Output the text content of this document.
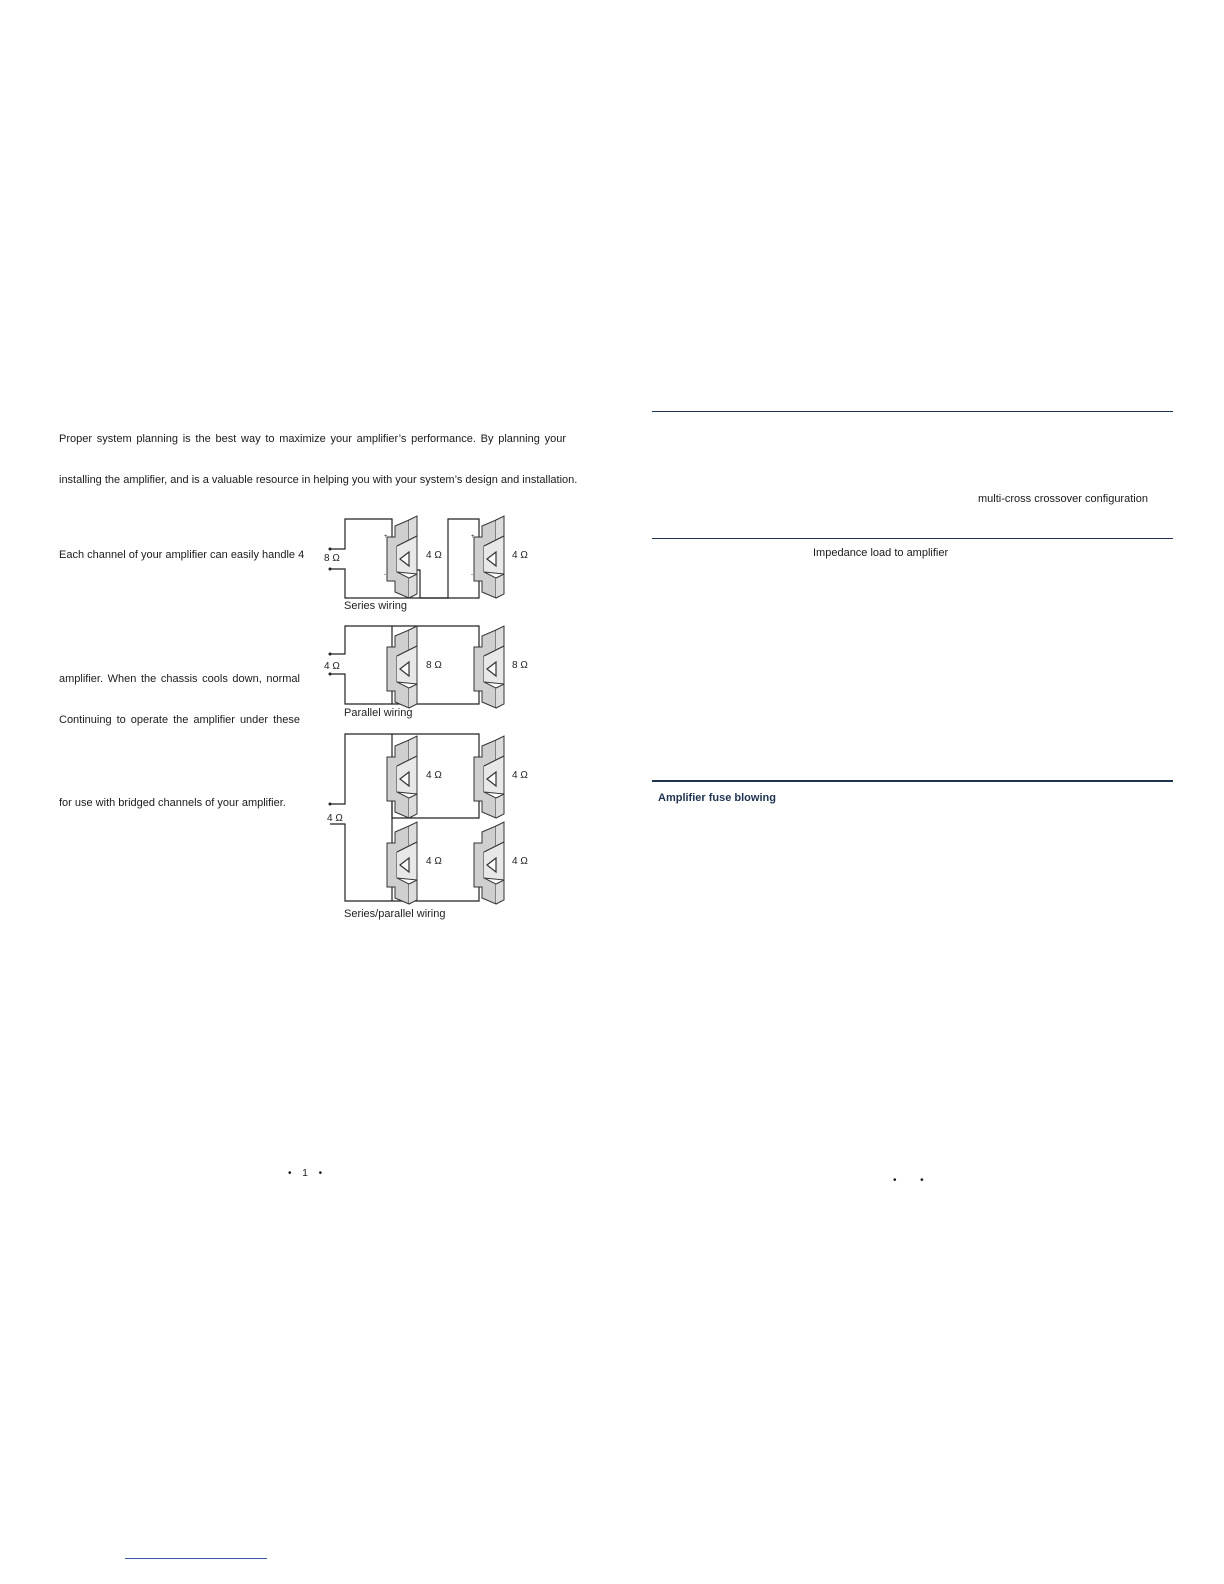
Proper system planning is the best way to maximize your amplifier’s performance. By planning your
installing the amplifier, and is a valuable resource in helping you with your system’s design and installation.
Each channel of your amplifier can easily handle 4
amplifier. When the chassis cools down, normal
Continuing to operate the amplifier under these
for use with bridged channels of your amplifier.
8 Ω	4 Ω	4 Ω
Series wiring
4 Ω	8 Ω	8 Ω
Parallel wiring
4 Ω
4 Ω	4 Ω
4 Ω	4 Ω
Series/parallel wiring
+
-
+
-
• 1 •
multi-cross crossover configuration
Impedance load to amplifier
Amplifier fuse blowing
• •
